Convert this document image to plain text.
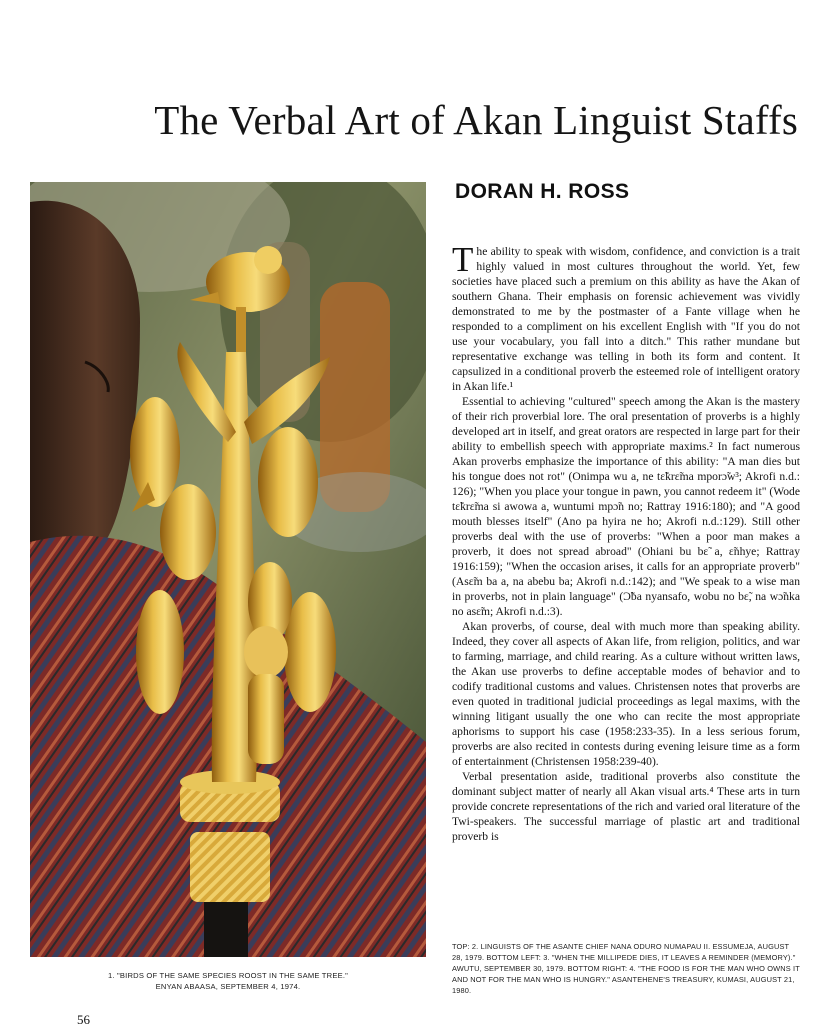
The Verbal Art of Akan Linguist Staffs
DORAN H. ROSS
1. "BIRDS OF THE SAME SPECIES ROOST IN THE SAME TREE."
ENYAN ABAASA, SEPTEMBER 4, 1974.

The ability to speak with wisdom, confidence, and conviction is a trait highly valued in most cultures throughout the world. Yet, few societies have placed such a premium on this ability as have the Akan of southern Ghana. Their emphasis on forensic achievement was vividly demonstrated to me by the postmaster of a Fante village when he responded to a compliment on his excellent English with "If you do not use your vocabulary, you fall into a ditch." This rather mundane but representative exchange was telling in both its form and content. It capsulized in a conditional proverb the esteemed role of intelligent oratory in Akan life.¹

Essential to achieving "cultured" speech among the Akan is the mastery of their rich proverbial lore. The oral presentation of proverbs is a highly developed art in itself, and great orators are respected in large part for their ability to embellish speech with appropriate maxims.² In fact numerous Akan proverbs emphasize the importance of this ability: "A man dies but his tongue does not rot" (Onimpa wu a, ne tɛ̃krɛ̃ma mporɔ̃w³; Akrofi n.d.: 126); "When you place your tongue in pawn, you cannot redeem it" (Wode tɛ̃krɛ̃ma si awowa a, wuntumi mpɔ̃n no; Rattray 1916:180); and "A good mouth blesses itself" (Ano pa hyira ne ho; Akrofi n.d.:129). Still other proverbs deal with the use of proverbs: "When a poor man makes a proverb, it does not spread abroad" (Ohiani bu bɛ̃ a, ɛ̃nhye; Rattray 1916:159); "When the occasion arises, it calls for an appropriate proverb" (Asɛ̃m ba a, na abebu ba; Akrofi n.d.:142); and "We speak to a wise man in proverbs, not in plain language" (Ɔ̃ba nyansafo, wobu no bɛ̃, na wɔ̃nka no asɛ̃m; Akrofi n.d.:3).

Akan proverbs, of course, deal with much more than speaking ability. Indeed, they cover all aspects of Akan life, from religion, politics, and war to farming, marriage, and child rearing. As a culture without written laws, the Akan use proverbs to define acceptable modes of behavior and to codify traditional customs and values. Christensen notes that proverbs are even quoted in traditional judicial proceedings as legal maxims, with the winning litigant usually the one who can recite the most appropriate aphorisms to support his case (1958:233-35). In a less serious forum, proverbs are also recited in contests during evening leisure time as a form of entertainment (Christensen 1958:239-40).

Verbal presentation aside, traditional proverbs also constitute the dominant subject matter of nearly all Akan visual arts.⁴ These arts in turn provide concrete representations of the rich and varied oral literature of the Twi-speakers. The successful marriage of plastic art and traditional proverb is

TOP: 2. LINGUISTS OF THE ASANTE CHIEF NANA ODURO NUMAPAU II. ESSUMEJA, AUGUST 28, 1979. BOTTOM LEFT: 3. "WHEN THE MILLIPEDE DIES, IT LEAVES A REMINDER (MEMORY)." AWUTU, SEPTEMBER 30, 1979. BOTTOM RIGHT: 4. "THE FOOD IS FOR THE MAN WHO OWNS IT AND NOT FOR THE MAN WHO IS HUNGRY." ASANTEHENE'S TREASURY, KUMASI, AUGUST 21, 1980.
56
